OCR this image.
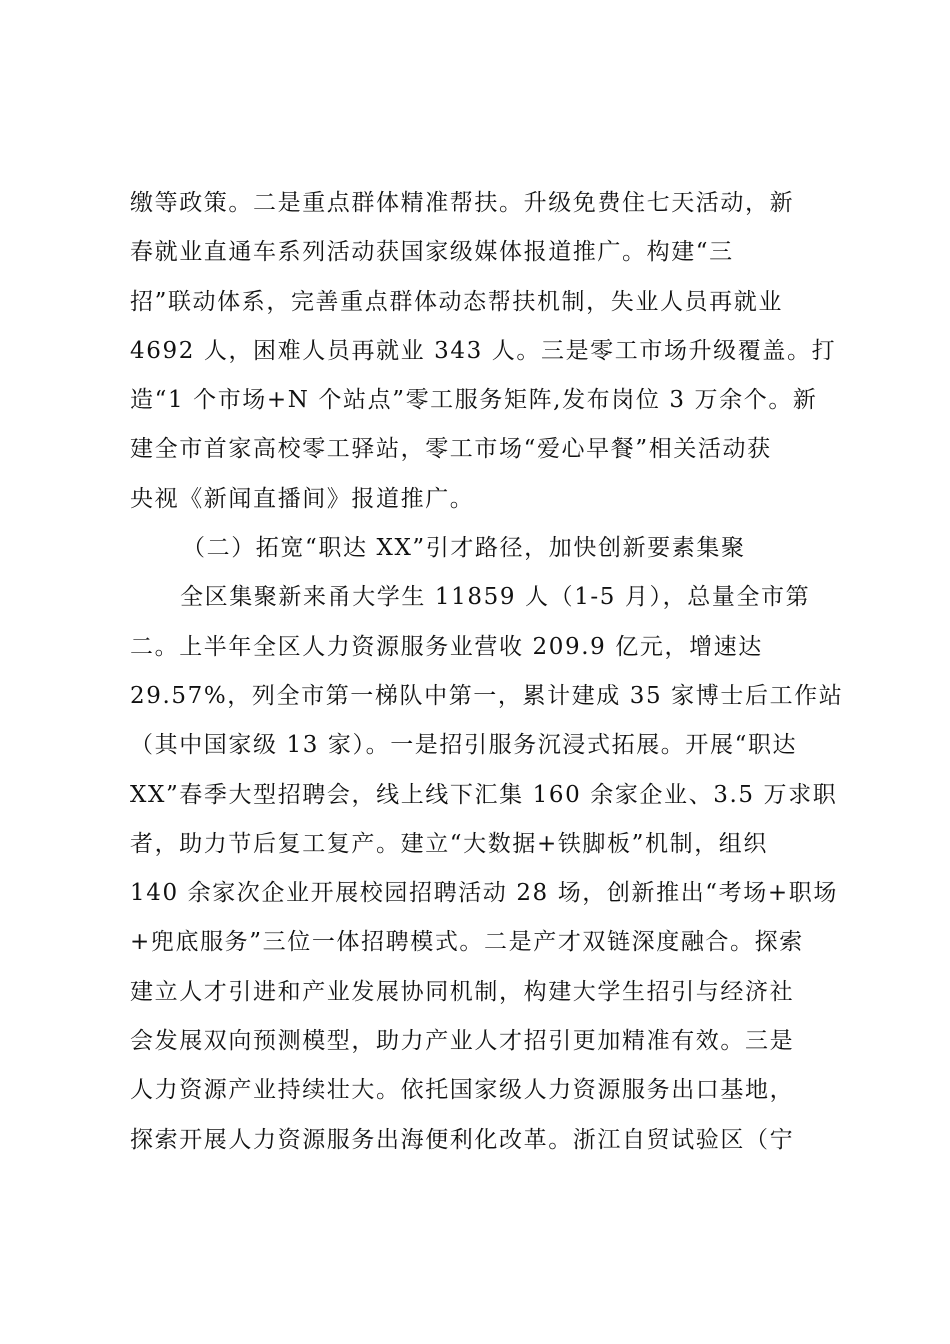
缴等政策。二是重点群体精准帮扶。升级免费住七天活动，新
春就业直通车系列活动获国家级媒体报道推广。构建“三
招”联动体系，完善重点群体动态帮扶机制，失业人员再就业
4692 人，困难人员再就业 343 人。三是零工市场升级覆盖。打
造“1 个市场+N 个站点”零工服务矩阵,发布岗位 3 万余个。新
建全市首家高校零工驿站，零工市场“爱心早餐”相关活动获
央视《新闻直播间》报道推广。
（二）拓宽“职达 XX”引才路径，加快创新要素集聚
全区集聚新来甬大学生 11859 人（1-5 月），总量全市第
二。上半年全区人力资源服务业营收 209.9 亿元，增速达
29.57%，列全市第一梯队中第一，累计建成 35 家博士后工作站
（其中国家级 13 家）。一是招引服务沉浸式拓展。开展“职达
XX”春季大型招聘会，线上线下汇集 160 余家企业、3.5 万求职
者，助力节后复工复产。建立“大数据+铁脚板”机制，组织
140 余家次企业开展校园招聘活动 28 场，创新推出“考场+职场
+兜底服务”三位一体招聘模式。二是产才双链深度融合。探索
建立人才引进和产业发展协同机制，构建大学生招引与经济社
会发展双向预测模型，助力产业人才招引更加精准有效。三是
人力资源产业持续壮大。依托国家级人力资源服务出口基地，
探索开展人力资源服务出海便利化改革。浙江自贸试验区（宁
